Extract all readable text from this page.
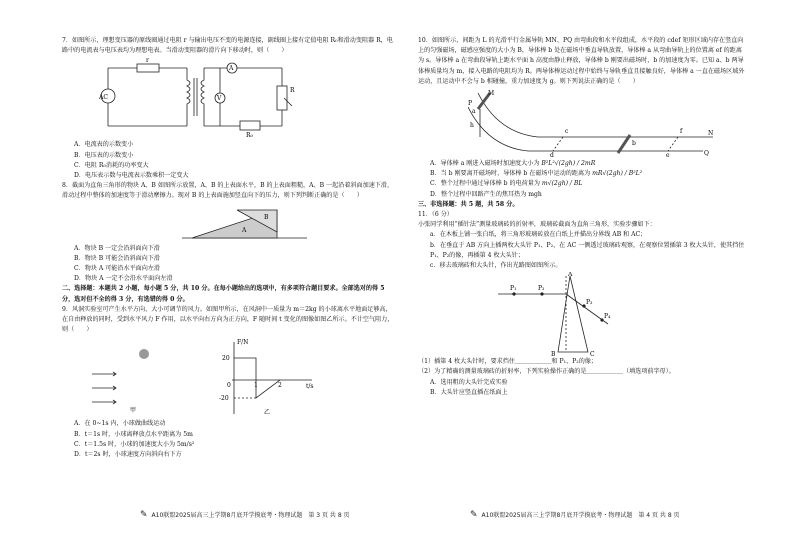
7．如图所示，理想变压器的原线圈通过电阻 r 与输出电压不变的电源连接，副线圈上接有定值电阻 R₀和滑动变阻器 R，电路中的电流表与电压表均为理想电表。当滑动变阻器的滑片向下移动时，则（　　）

AC
r
A
V
R
R₀

A．电流表的示数变小

B．电压表的示数变小

C．电阻 R₀消耗的功率变大

D．电压表示数与电流表示数乘积一定变大

8．截面为直角三角形的物块 A、B 如图所示放置，A、B 的上表面水平，B 的上表面粗糙，A、B 一起沿着斜面加速下滑，滑动过程中整体的加速度等于滑动摩擦力。现对 B 的上表面施加竖直向下的压力，则下列判断正确的是（　　）

A
B

A．物块 B 一定会沿斜面向下滑

B．物块 B 可能会沿斜面向下滑

C．物块 A 可能沿水平面向左滑

D．物块 A 一定不会沿水平面向左滑

二、选择题：本题共 2 小题，每小题 5 分，共 10 分。在每小题给出的选项中，有多项符合题目要求。全部选对的得 5 分，选对但不全的得 3 分，有选错的得 0 分。

9．风洞实验室可产生水平方向、大小可调节的风力。如图甲所示，在风洞中一质量为 m＝2kg 的小球离水平地面足够高，在自由释放的同时，受到水平风力 F 作用，以水平向右方向为正方向，F 随时间 t 变化的图像如图乙所示。不计空气阻力，则（　　）

甲	乙
F/N
t/s
20
-20
0	1	2

A．在 0~1s 内，小球做曲线运动

B．t＝1s 时，小球离释放点水平距离为 5m

C．t＝1.5s 时，小球的加速度大小为 5m/s²

D．t＝2s 时，小球速度方向斜向右下方

✎ A10联盟2025届高三上学期8月底开学摸底考・物理试题　第 3 页 共 8 页

10．如图所示，间距为 L 的光滑平行金属导轨 MN、PQ 由弯曲段和水平段组成，水平段的 cdef 矩形区域内存在竖直向上的匀强磁场，磁感应强度的大小为 B，导体棒 b 处在磁场中垂直导轨放置，导体棒 a 从弯曲导轨上的位置离 ef 的距离为 s。导体棒 a 在弯曲段导轨上距水平面 h 高度由静止释放，导体棒 b 刚要出磁场时，b 的加速度为零。已知 a、b 两导体棒质量均为 m，接入电路的电阻均为 R。两导体棒运动过程中始终与导轨垂直且接触良好，导体棒 a 一直在磁场区域外运动，且运动中不会与 b 相碰撞，重力加速度为 g。则下列说法正确的是（　　）

M
N
P
Q
a
b
c
d	e
f
h

A．导体棒 a 刚进入磁场时加速度大小为 B²L²√(2gh) / 2mR

B．当 b 刚要离开磁场时，导体棒 b 在磁场中运动的距离为 mR√(2gh) / B²L²

C．整个过程中通过导体棒 b 的电荷量为 m√(2gh) / BL

D．整个过程中回路产生的焦耳热为 mgh

三、非选择题：共 5 题，共 58 分。

11．（6 分）

小张同学利用“插针法”测量玻璃砖的折射率，玻璃砖截面为直角三角形，实验步骤如下：

a．在木板上铺一张白纸，将三角形玻璃砖放在白纸上并描出分界线 AB 和 AC；

b．在垂直于 AB 方向上插两枚大头针 P₁、P₂，在 AC 一侧透过玻璃砖观察，在观察位置插第 3 枚大头针，使其挡住 P₁、P₂的像，再插第 4 枚大头针；

c．移去玻璃砖和大头针，作出光路图如图所示。

P₁	P₂
P₃
P₄
A
B	C

（1）插第 4 枚大头针时，要求挡住＿＿＿＿＿＿和 P₁、P₂的像；

（2）为了精确的测量玻璃砖的折射率，下列实验操作正确的是＿＿＿＿＿＿（填选项前字母）。

A．选用粗的大头针完成实验

B．大头针应竖直插在纸面上

✎ A10联盟2025届高三上学期8月底开学摸底考・物理试题　第 4 页 共 8 页
